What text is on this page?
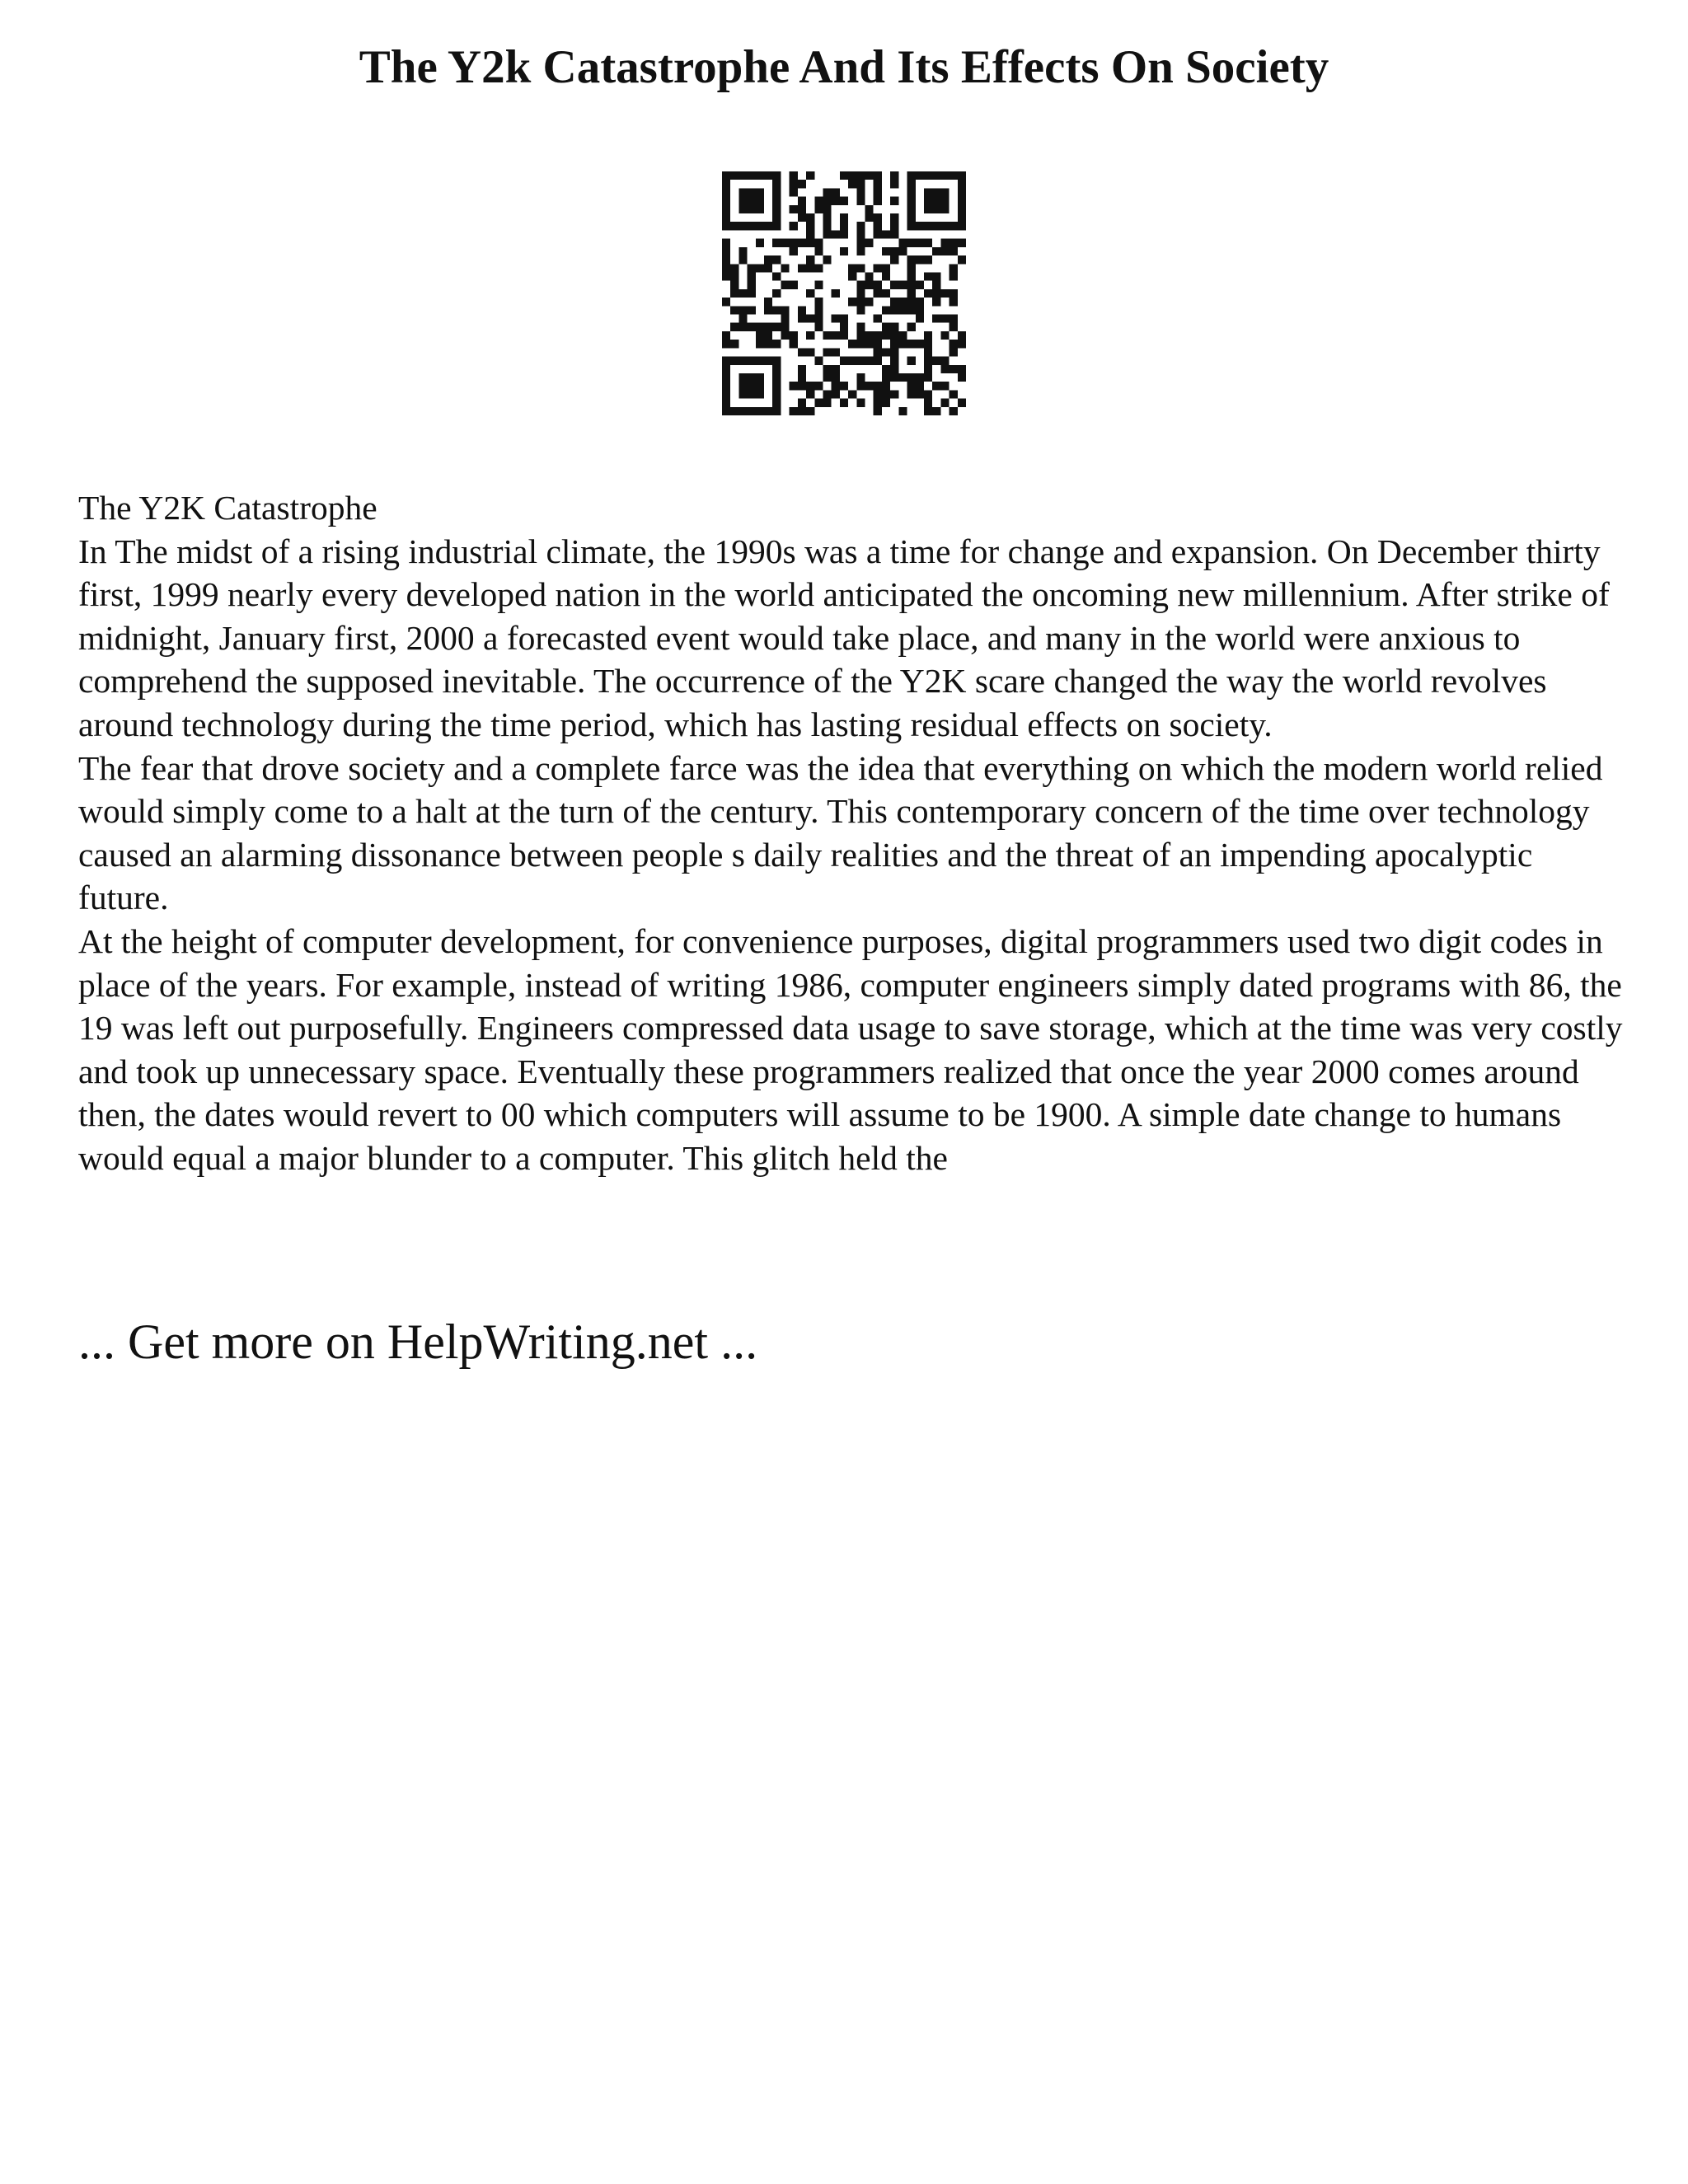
The Y2k Catastrophe And Its Effects On Society

The Y2K Catastrophe

In The midst of a rising industrial climate, the 1990s was a time for change and expansion. On December thirty first, 1999 nearly every developed nation in the world anticipated the oncoming new millennium. After strike of midnight, January first, 2000 a forecasted event would take place, and many in the world were anxious to comprehend the supposed inevitable. The occurrence of the Y2K scare changed the way the world revolves around technology during the time period, which has lasting residual effects on society.

The fear that drove society and a complete farce was the idea that everything on which the modern world relied would simply come to a halt at the turn of the century. This contemporary concern of the time over technology caused an alarming dissonance between people s daily realities and the threat of an impending apocalyptic future.

At the height of computer development, for convenience purposes, digital programmers used two digit codes in place of the years. For example, instead of writing 1986, computer engineers simply dated programs with 86, the 19 was left out purposefully. Engineers compressed data usage to save storage, which at the time was very costly and took up unnecessary space. Eventually these programmers realized that once the year 2000 comes around then, the dates would revert to 00 which computers will assume to be 1900. A simple date change to humans would equal a major blunder to a computer. This glitch held the

... Get more on HelpWriting.net ...
